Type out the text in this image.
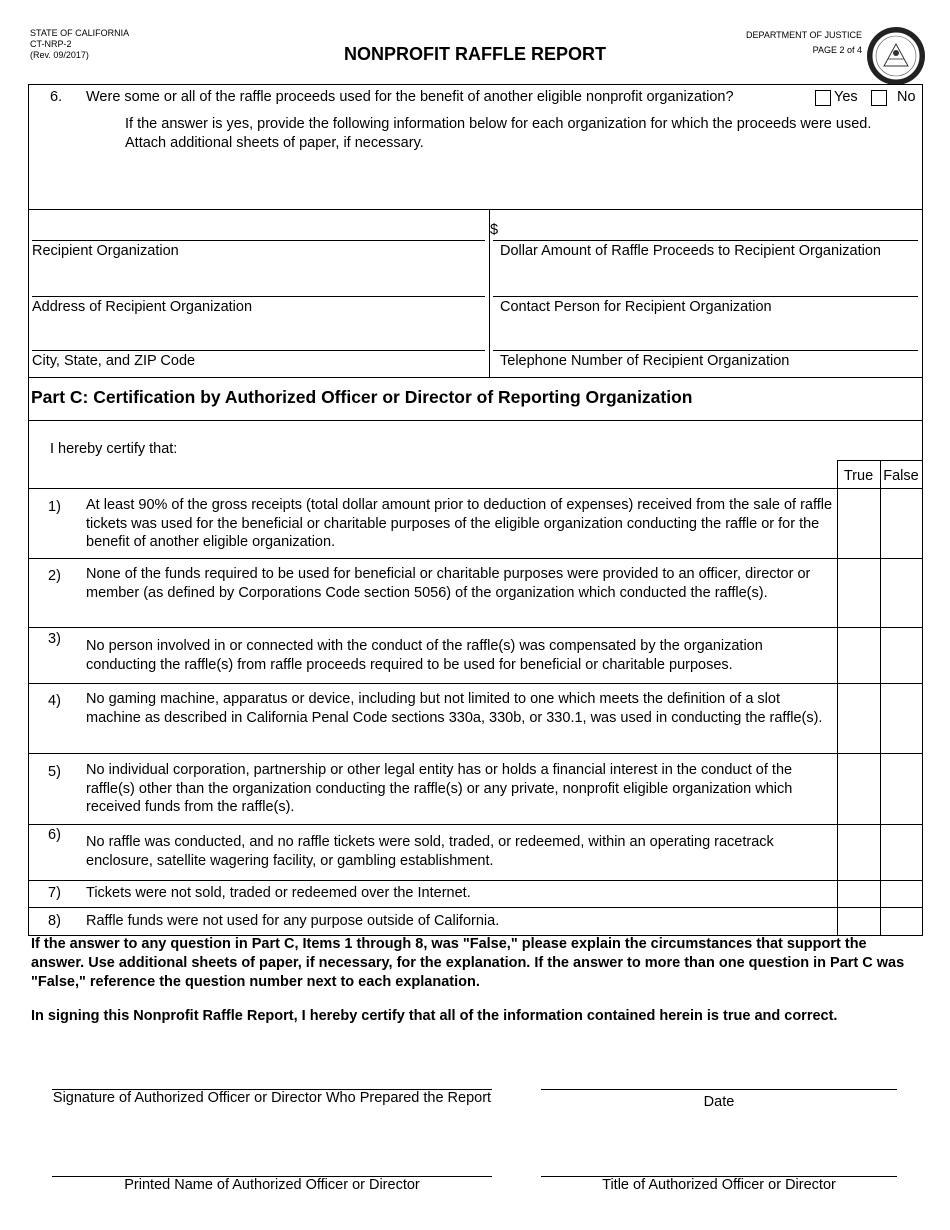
STATE OF CALIFORNIA
CT-NRP-2
(Rev. 09/2017)	NONPROFIT RAFFLE REPORT
DEPARTMENT OF JUSTICE
PAGE 2 of 4
6. Were some or all of the raffle proceeds used for the benefit of another eligible nonprofit organization?	Yes	No
If the answer is yes, provide the following information below for each organization for which the proceeds were used. Attach additional sheets of paper, if necessary.
$
Recipient Organization	Dollar Amount of Raffle Proceeds to Recipient Organization
Address of Recipient Organization	Contact Person for Recipient Organization
City, State, and ZIP Code	Telephone Number of Recipient Organization
Part C: Certification by Authorized Officer or Director of Reporting Organization
I hereby certify that:
True False
1) At least 90% of the gross receipts (total dollar amount prior to deduction of expenses) received from the sale of raffle tickets was used for the beneficial or charitable purposes of the eligible organization conducting the raffle or for the benefit of another eligible organization.
2) None of the funds required to be used for beneficial or charitable purposes were provided to an officer, director or member (as defined by Corporations Code section 5056) of the organization which conducted the raffle(s).
3) No person involved in or connected with the conduct of the raffle(s) was compensated by the organization conducting the raffle(s) from raffle proceeds required to be used for beneficial or charitable purposes.
4) No gaming machine, apparatus or device, including but not limited to one which meets the definition of a slot machine as described in California Penal Code sections 330a, 330b, or 330.1, was used in conducting the raffle(s).
5) No individual corporation, partnership or other legal entity has or holds a financial interest in the conduct of the raffle(s) other than the organization conducting the raffle(s) or any private, nonprofit eligible organization which received funds from the raffle(s).
6) No raffle was conducted, and no raffle tickets were sold, traded, or redeemed, within an operating racetrack enclosure, satellite wagering facility, or gambling establishment.
7) Tickets were not sold, traded or redeemed over the Internet.
8) Raffle funds were not used for any purpose outside of California.
If the answer to any question in Part C, Items 1 through 8, was "False," please explain the circumstances that support the answer. Use additional sheets of paper, if necessary, for the explanation. If the answer to more than one question in Part C was "False," reference the question number next to each explanation.
In signing this Nonprofit Raffle Report, I hereby certify that all of the information contained herein is true and correct.
Signature of Authorized Officer or Director Who Prepared the Report	Date
Printed Name of Authorized Officer or Director	Title of Authorized Officer or Director
